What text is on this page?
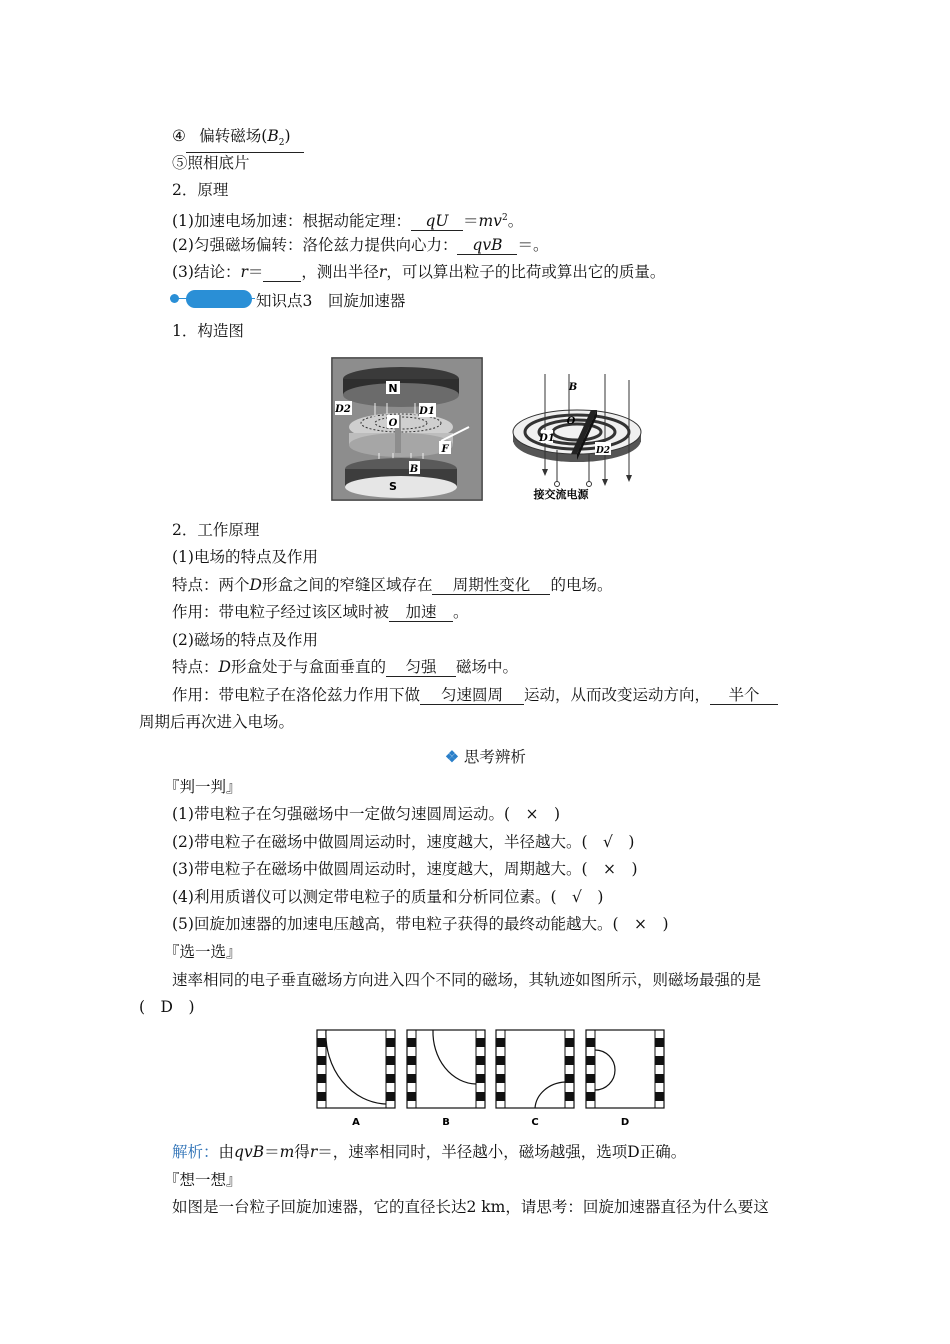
④ 偏转磁场$(B_2)$
⑤照相底片
2．原理
(1)加速电场加速：根据动能定理： qU $=mv^2$。
(2)匀强磁场偏转：洛伦兹力提供向心力： qvB ＝。
(3)结论：r＝ ，测出半径r，可以算出粒子的比荷或算出它的质量。
知识点3　回旋加速器
1．构造图
N
D2
O
D1
F
B
S
B
O
D1
D2
接交流电源
2．工作原理
(1)电场的特点及作用
特点：两个D形盒之间的窄缝区域存在 周期性变化 的电场。
作用：带电粒子经过该区域时被 加速 。
(2)磁场的特点及作用
特点：D形盒处于与盒面垂直的 匀强 磁场中。
作用：带电粒子在洛伦兹力作用下做 匀速圆周 运动，从而改变运动方向， 半个
周期后再次进入电场。
❖ 思考辨析
『判一判』
(1)带电粒子在匀强磁场中一定做匀速圆周运动。(　×　)
(2)带电粒子在磁场中做圆周运动时，速度越大，半径越大。(　√　)
(3)带电粒子在磁场中做圆周运动时，速度越大，周期越大。(　×　)
(4)利用质谱仪可以测定带电粒子的质量和分析同位素。(　√　)
(5)回旋加速器的加速电压越高，带电粒子获得的最终动能越大。(　×　)
『选一选』
速率相同的电子垂直磁场方向进入四个不同的磁场，其轨迹如图所示，则磁场最强的是
(　D　)
A	B	C	D
解析：由qvB＝m得r＝，速率相同时，半径越小，磁场越强，选项D正确。
『想一想』
如图是一台粒子回旋加速器，它的直径长达2 km，请思考：回旋加速器直径为什么要这
